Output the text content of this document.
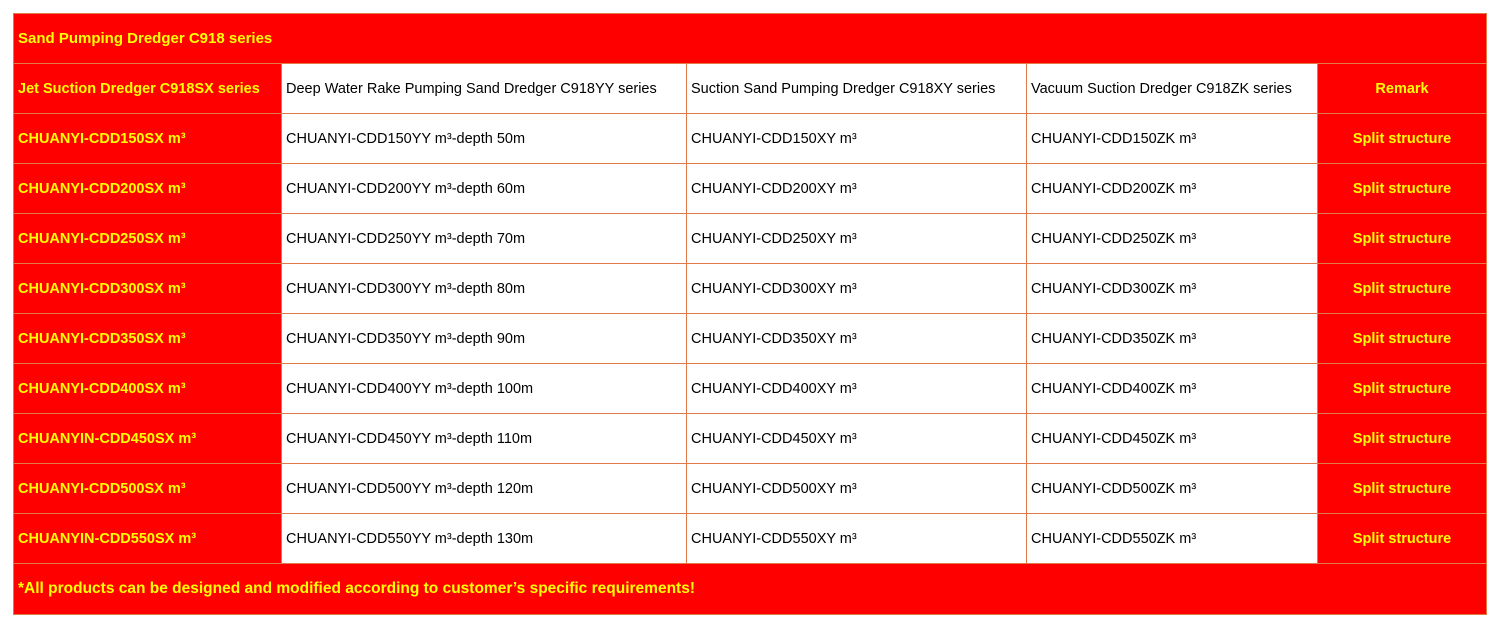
Sand Pumping Dredger C918 series				
Jet Suction Dredger C918SX series	Deep Water Rake Pumping Sand Dredger C918YY series	Suction Sand Pumping Dredger C918XY series	Vacuum Suction Dredger C918ZK series	Remark
CHUANYI-CDD150SX m³	CHUANYI-CDD150YY m³-depth 50m	CHUANYI-CDD150XY m³	CHUANYI-CDD150ZK m³	Split structure
CHUANYI-CDD200SX m³	CHUANYI-CDD200YY m³-depth 60m	CHUANYI-CDD200XY m³	CHUANYI-CDD200ZK m³	Split structure
CHUANYI-CDD250SX m³	CHUANYI-CDD250YY m³-depth 70m	CHUANYI-CDD250XY m³	CHUANYI-CDD250ZK m³	Split structure
CHUANYI-CDD300SX m³	CHUANYI-CDD300YY m³-depth 80m	CHUANYI-CDD300XY m³	CHUANYI-CDD300ZK m³	Split structure
CHUANYI-CDD350SX m³	CHUANYI-CDD350YY m³-depth 90m	CHUANYI-CDD350XY m³	CHUANYI-CDD350ZK m³	Split structure
CHUANYI-CDD400SX m³	CHUANYI-CDD400YY m³-depth 100m	CHUANYI-CDD400XY m³	CHUANYI-CDD400ZK m³	Split structure
CHUANYIN-CDD450SX m³	CHUANYI-CDD450YY m³-depth 110m	CHUANYI-CDD450XY m³	CHUANYI-CDD450ZK m³	Split structure
CHUANYI-CDD500SX m³	CHUANYI-CDD500YY m³-depth 120m	CHUANYI-CDD500XY m³	CHUANYI-CDD500ZK m³	Split structure
CHUANYIN-CDD550SX m³	CHUANYI-CDD550YY m³-depth 130m	CHUANYI-CDD550XY m³	CHUANYI-CDD550ZK m³	Split structure
*All products can be designed and modified according to customer’s specific requirements!				
